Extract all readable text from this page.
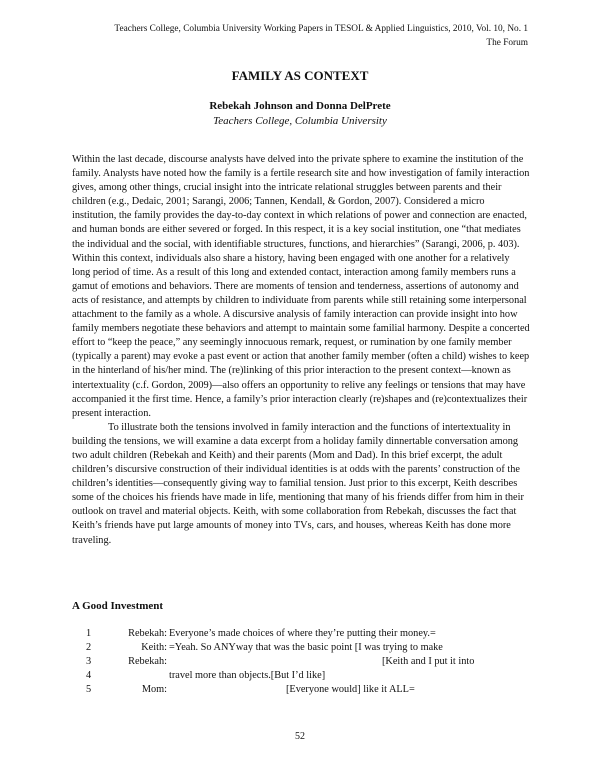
Teachers College, Columbia University Working Papers in TESOL & Applied Linguistics, 2010, Vol. 10, No. 1
The Forum
FAMILY AS CONTEXT
Rebekah Johnson and Donna DelPrete
Teachers College, Columbia University

Within the last decade, discourse analysts have delved into the private sphere to examine the institution of the family. Analysts have noted how the family is a fertile research site and how investigation of family interaction gives, among other things, crucial insight into the intricate relational struggles between parents and their children (e.g., Dedaic, 2001; Sarangi, 2006; Tannen, Kendall, & Gordon, 2007). Considered a micro institution, the family provides the day-to-day context in which relations of power and connection are enacted, and human bonds are either severed or forged. In this respect, it is a key social institution, one “that mediates the individual and the social, with identifiable structures, functions, and hierarchies” (Sarangi, 2006, p. 403). Within this context, individuals also share a history, having been engaged with one another for a relatively long period of time. As a result of this long and extended contact, interaction among family members runs a gamut of emotions and behaviors. There are moments of tension and tenderness, assertions of autonomy and acts of resistance, and attempts by children to individuate from parents while still retaining some interpersonal attachment to the family as a whole. A discursive analysis of family interaction can provide insight into how family members negotiate these behaviors and attempt to maintain some familial harmony. Despite a concerted effort to “keep the peace,” any seemingly innocuous remark, request, or rumination by one family member (typically a parent) may evoke a past event or action that another family member (often a child) wishes to keep in the hinterland of his/her mind. The (re)linking of this prior interaction to the present context—known as intertextuality (c.f. Gordon, 2009)—also offers an opportunity to relive any feelings or tensions that may have accompanied it the first time. Hence, a family’s prior interaction clearly (re)shapes and (re)contextualizes their present interaction.

To illustrate both the tensions involved in family interaction and the functions of intertextuality in building the tensions, we will examine a data excerpt from a holiday family dinnertable conversation among two adult children (Rebekah and Keith) and their parents (Mom and Dad). In this brief excerpt, the adult children’s discursive construction of their individual identities is at odds with the parents’ construction of the children’s identities—consequently giving way to familial tension. Just prior to this excerpt, Keith describes some of the choices his friends have made in life, mentioning that many of his friends differ from him in their outlook on travel and material objects. Keith, with some collaboration from Rebekah, discusses the fact that Keith’s friends have put large amounts of money into TVs, cars, and houses, whereas Keith has done more traveling.

A Good Investment
1	Rebekah: Everyone’s made choices of where they’re putting their money.=
2	Keith: =Yeah. So ANYway that was the basic point [I was trying to make
3	Rebekah:	[Keith and I put it into
4	travel more than objects.[But I’d like]
5	Mom:	[Everyone would] like it ALL=
52
